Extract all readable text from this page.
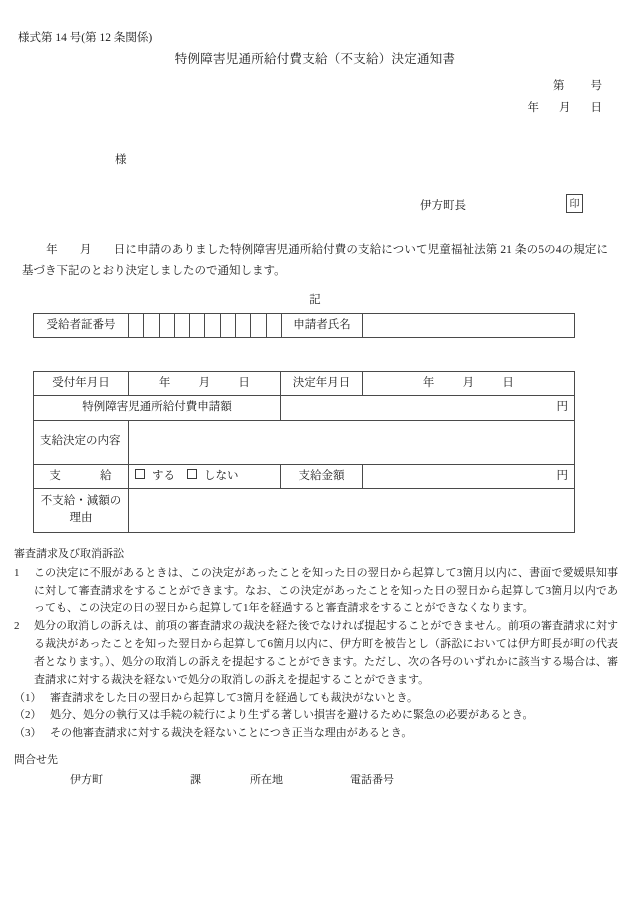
様式第 14 号(第 12 条関係)
特例障害児通所給付費支給（不支給）決定通知書
第 号
年 月 日
様
伊方町長	印
年 月 日に申請のありました特例障害児通所給付費の支給について児童福祉法第 21 条の5の4の規定に基づき下記のとおり決定しましたので通知します。
記
受給者証番号											申請者氏名	
受付年月日	年 月 日	決定年月日	年 月 日
特例障害児通所給付費申請額		円	
支給決定の内容			
支　　　給	する しない	支給金額	円
不支給・減額の理由			
審査請求及び取消訴訟
1	この決定に不服があるときは、この決定があったことを知った日の翌日から起算して3箇月以内に、書面で愛媛県知事に対して審査請求をすることができます。なお、この決定があったことを知った日の翌日から起算して3箇月以内であっても、この決定の日の翌日から起算して1年を経過すると審査請求をすることができなくなります。
2	処分の取消しの訴えは、前項の審査請求の裁決を経た後でなければ提起することができません。前項の審査請求に対する裁決があったことを知った翌日から起算して6箇月以内に、伊方町を被告とし（訴訟においては伊方町長が町の代表者となります。）、処分の取消しの訴えを提起することができます。ただし、次の各号のいずれかに該当する場合は、審査請求に対する裁決を経ないで処分の取消しの訴えを提起することができます。
（1） 審査請求をした日の翌日から起算して3箇月を経過しても裁決がないとき。
（2） 処分、処分の執行又は手続の続行により生ずる著しい損害を避けるために緊急の必要があるとき。
（3） その他審査請求に対する裁決を経ないことにつき正当な理由があるとき。
問合せ先
伊方町	課	所在地	電話番号
